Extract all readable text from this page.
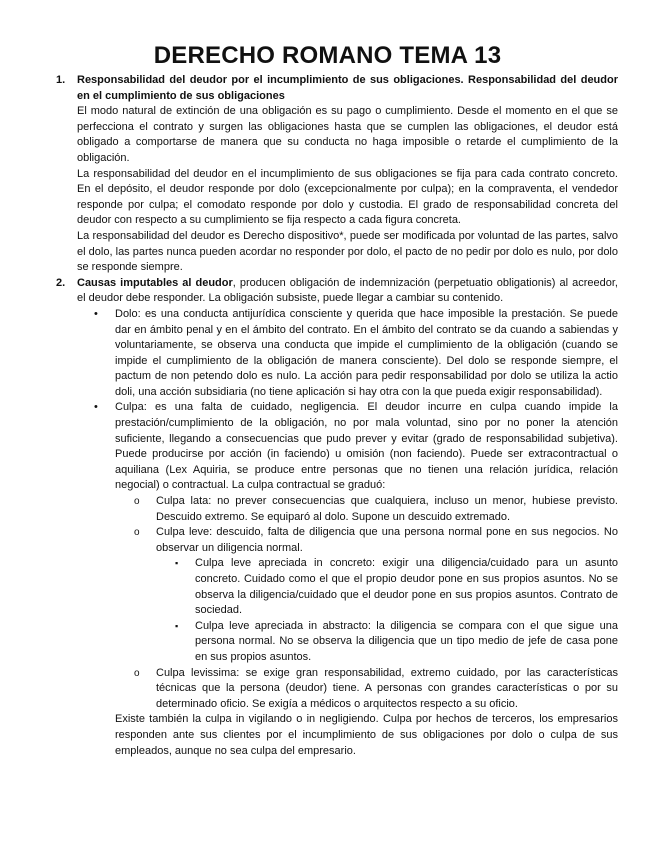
DERECHO ROMANO TEMA 13
1. Responsabilidad del deudor por el incumplimiento de sus obligaciones. Responsabilidad del deudor en el cumplimiento de sus obligaciones

El modo natural de extinción de una obligación es su pago o cumplimiento. Desde el momento en el que se perfecciona el contrato y surgen las obligaciones hasta que se cumplen las obligaciones, el deudor está obligado a comportarse de manera que su conducta no haga imposible o retarde el cumplimiento de la obligación.

La responsabilidad del deudor en el incumplimiento de sus obligaciones se fija para cada contrato concreto. En el depósito, el deudor responde por dolo (excepcionalmente por culpa); en la compraventa, el vendedor responde por culpa; el comodato responde por dolo y custodia. El grado de responsabilidad concreta del deudor con respecto a su cumplimiento se fija respecto a cada figura concreta.

La responsabilidad del deudor es Derecho dispositivo*, puede ser modificada por voluntad de las partes, salvo el dolo, las partes nunca pueden acordar no responder por dolo, el pacto de no pedir por dolo es nulo, por dolo se responde siempre.

2. Causas imputables al deudor, producen obligación de indemnización (perpetuatio obligationis) al acreedor, el deudor debe responder. La obligación subsiste, puede llegar a cambiar su contenido.

• Dolo: es una conducta antijurídica consciente y querida que hace imposible la prestación. Se puede dar en ámbito penal y en el ámbito del contrato. En el ámbito del contrato se da cuando a sabiendas y voluntariamente, se observa una conducta que impide el cumplimiento de la obligación (cuando se impide el cumplimiento de la obligación de manera consciente). Del dolo se responde siempre, el pactum de non petendo dolo es nulo. La acción para pedir responsabilidad por dolo se utiliza la actio doli, una acción subsidiaria (no tiene aplicación si hay otra con la que pueda exigir responsabilidad).

• Culpa: es una falta de cuidado, negligencia. El deudor incurre en culpa cuando impide la prestación/cumplimiento de la obligación, no por mala voluntad, sino por no poner la atención suficiente, llegando a consecuencias que pudo prever y evitar (grado de responsabilidad subjetiva). Puede producirse por acción (in faciendo) u omisión (non faciendo). Puede ser extracontractual o aquiliana (Lex Aquiria, se produce entre personas que no tienen una relación jurídica, relación negocial) o contractual. La culpa contractual se graduó:

o Culpa lata: no prever consecuencias que cualquiera, incluso un menor, hubiese previsto. Descuido extremo. Se equiparó al dolo. Supone un descuido extremado.

o Culpa leve: descuido, falta de diligencia que una persona normal pone en sus negocios. No observar un diligencia normal.

▪ Culpa leve apreciada in concreto: exigir una diligencia/cuidado para un asunto concreto. Cuidado como el que el propio deudor pone en sus propios asuntos. No se observa la diligencia/cuidado que el deudor pone en sus propios asuntos. Contrato de sociedad.

▪ Culpa leve apreciada in abstracto: la diligencia se compara con el que sigue una persona normal. No se observa la diligencia que un tipo medio de jefe de casa pone en sus propios asuntos.

o Culpa levissima: se exige gran responsabilidad, extremo cuidado, por las características técnicas que la persona (deudor) tiene. A personas con grandes características o por su determinado oficio. Se exigía a médicos o arquitectos respecto a su oficio.

Existe también la culpa in vigilando o in negligiendo. Culpa por hechos de terceros, los empresarios responden ante sus clientes por el incumplimiento de sus obligaciones por dolo o culpa de sus empleados, aunque no sea culpa del empresario.
